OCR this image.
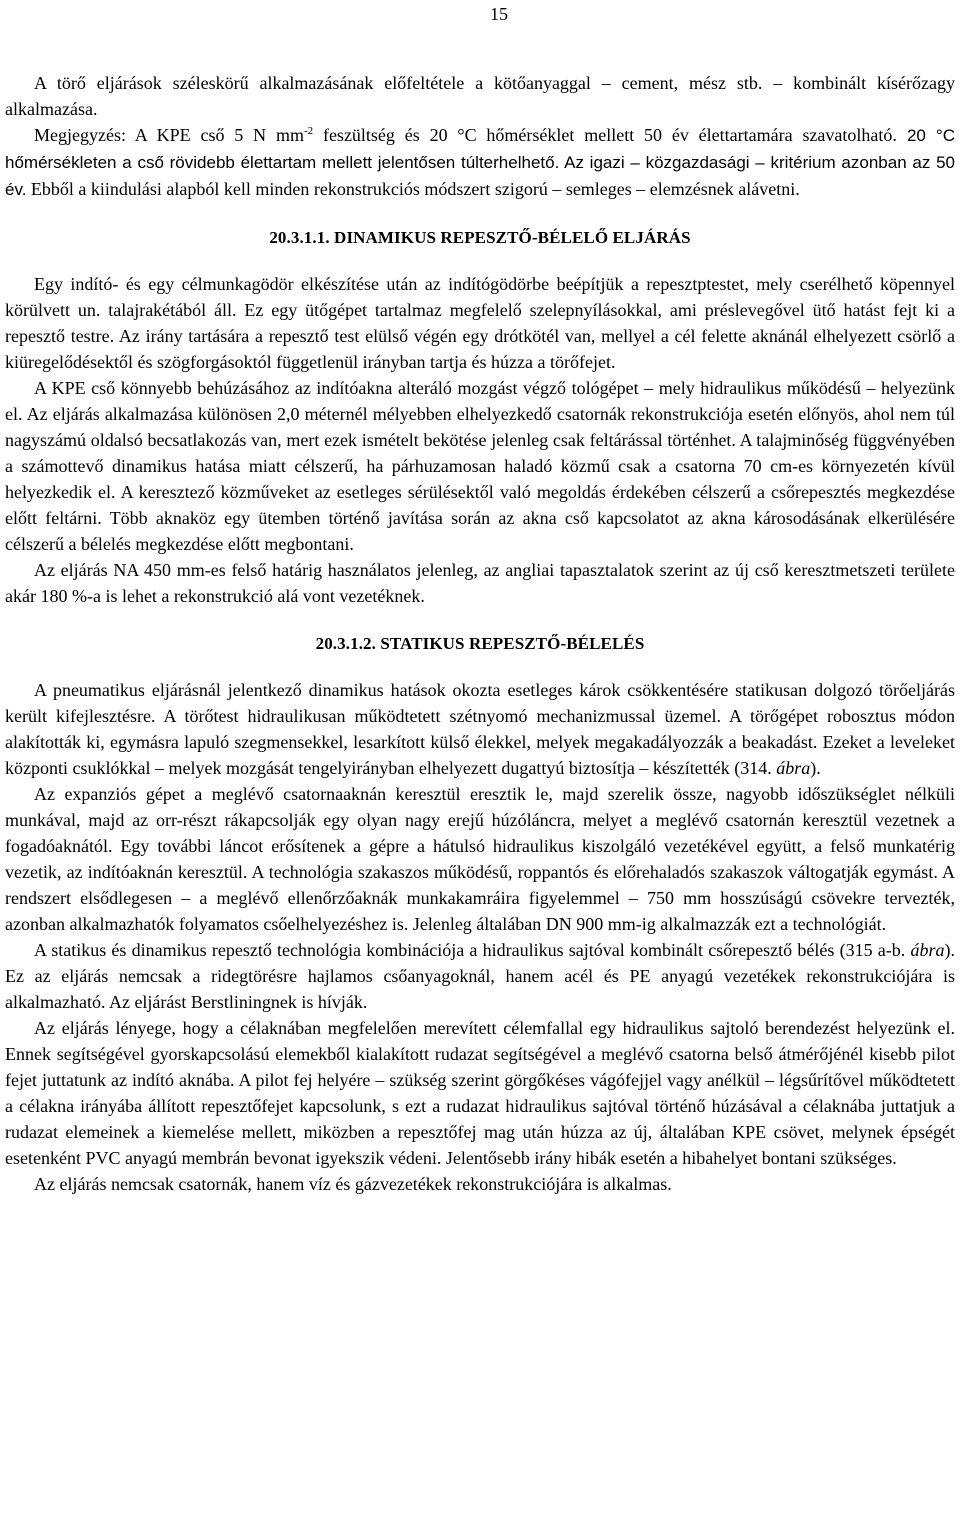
15

A törő eljárások széleskörű alkalmazásának előfeltétele a kötőanyaggal – cement, mész stb. – kombinált kísérőzagy alkalmazása.

Megjegyzés: A KPE cső 5 N $mm^{-2}$ feszültség és 20 °C hőmérséklet mellett 50 év élettartamára szavatolható. 20 °C hőmérsékleten a cső rövidebb élettartam mellett jelentősen túlterhelhető. Az igazi – közgazdasági – kritérium azonban az 50 év. Ebből a kiindulási alapból kell minden rekonstrukciós módszert szigorú – semleges – elemzésnek alávetni.

20.3.1.1. DINAMIKUS REPESZTŐ-BÉLELŐ ELJÁRÁS

Egy indító- és egy célmunkagödör elkészítése után az indítógödörbe beépítjük a repesztptestet, mely cserélhető köpennyel körülvett un. talajrakétából áll. Ez egy ütőgépet tartalmaz megfelelő szelepnyílásokkal, ami préslevegővel ütő hatást fejt ki a repesztő testre. Az irány tartására a repesztő test elülső végén egy drótkötél van, mellyel a cél felette aknánál elhelyezett csörlő a kiüregelődésektől és szögforgásoktól függetlenül irányban tartja és húzza a törőfejet.

A KPE cső könnyebb behúzásához az indítóakna alteráló mozgást végző tológépet – mely hidraulikus működésű – helyezünk el. Az eljárás alkalmazása különösen 2,0 méternél mélyebben elhelyezkedő csatornák rekonstrukciója esetén előnyös, ahol nem túl nagyszámú oldalsó becsatlakozás van, mert ezek ismételt bekötése jelenleg csak feltárással történhet. A talajminőség függvényében a számottevő dinamikus hatása miatt célszerű, ha párhuzamosan haladó közmű csak a csatorna 70 cm-es környezetén kívül helyezkedik el. A keresztező közműveket az esetleges sérülésektől való megoldás érdekében célszerű a csőrepesztés megkezdése előtt feltárni. Több aknaköz egy ütemben történő javítása során az akna cső kapcsolatot az akna károsodásának elkerülésére célszerű a bélelés megkezdése előtt megbontani.

Az eljárás NA 450 mm-es felső határig használatos jelenleg, az angliai tapasztalatok szerint az új cső keresztmetszeti területe akár 180 %-a is lehet a rekonstrukció alá vont vezetéknek.

20.3.1.2. STATIKUS REPESZTŐ-BÉLELÉS

A pneumatikus eljárásnál jelentkező dinamikus hatások okozta esetleges károk csökkentésére statikusan dolgozó törőeljárás került kifejlesztésre. A törőtest hidraulikusan működtetett szétnyomó mechanizmussal üzemel. A törőgépet robosztus módon alakították ki, egymásra lapuló szegmensekkel, lesarkított külső élekkel, melyek megakadályozzák a beakadást. Ezeket a leveleket központi csuklókkal – melyek mozgását tengelyirányban elhelyezett dugattyú biztosítja – készítették (314. ábra).

Az expanziós gépet a meglévő csatornaaknán keresztül eresztik le, majd szerelik össze, nagyobb időszükséglet nélküli munkával, majd az orr-részt rákapcsolják egy olyan nagy erejű húzóláncra, melyet a meglévő csatornán keresztül vezetnek a fogadóaknától. Egy további láncot erősítenek a gépre a hátulsó hidraulikus kiszolgáló vezetékével együtt, a felső munkatérig vezetik, az indítóaknán keresztül. A technológia szakaszos működésű, roppantós és előrehaladós szakaszok váltogatják egymást. A rendszert elsődlegesen – a meglévő ellenőrzőaknák munkakamráira figyelemmel – 750 mm hosszúságú csövekre tervezték, azonban alkalmazhatók folyamatos csőelhelyezéshez is. Jelenleg általában DN 900 mm-ig alkalmazzák ezt a technológiát.

A statikus és dinamikus repesztő technológia kombinációja a hidraulikus sajtóval kombinált csőrepesztő bélés (315 a-b. ábra). Ez az eljárás nemcsak a ridegtörésre hajlamos csőanyagoknál, hanem acél és PE anyagú vezetékek rekonstrukciójára is alkalmazható. Az eljárást Berstliningnek is hívják.

Az eljárás lényege, hogy a célaknában megfelelően merevített célemfallal egy hidraulikus sajtoló berendezést helyezünk el. Ennek segítségével gyorskapcsolású elemekből kialakított rudazat segítségével a meglévő csatorna belső átmérőjénél kisebb pilot fejet juttatunk az indító aknába. A pilot fej helyére – szükség szerint görgőkéses vágófejjel vagy anélkül – légsűrítővel működtetett a célakna irányába állított repesztőfejet kapcsolunk, s ezt a rudazat hidraulikus sajtóval történő húzásával a célaknába juttatjuk a rudazat elemeinek a kiemelése mellett, miközben a repesztőfej mag után húzza az új, általában KPE csövet, melynek épségét esetenként PVC anyagú membrán bevonat igyekszik védeni. Jelentősebb irány hibák esetén a hibahelyet bontani szükséges.

Az eljárás nemcsak csatornák, hanem víz és gázvezetékek rekonstrukciójára is alkalmas.
